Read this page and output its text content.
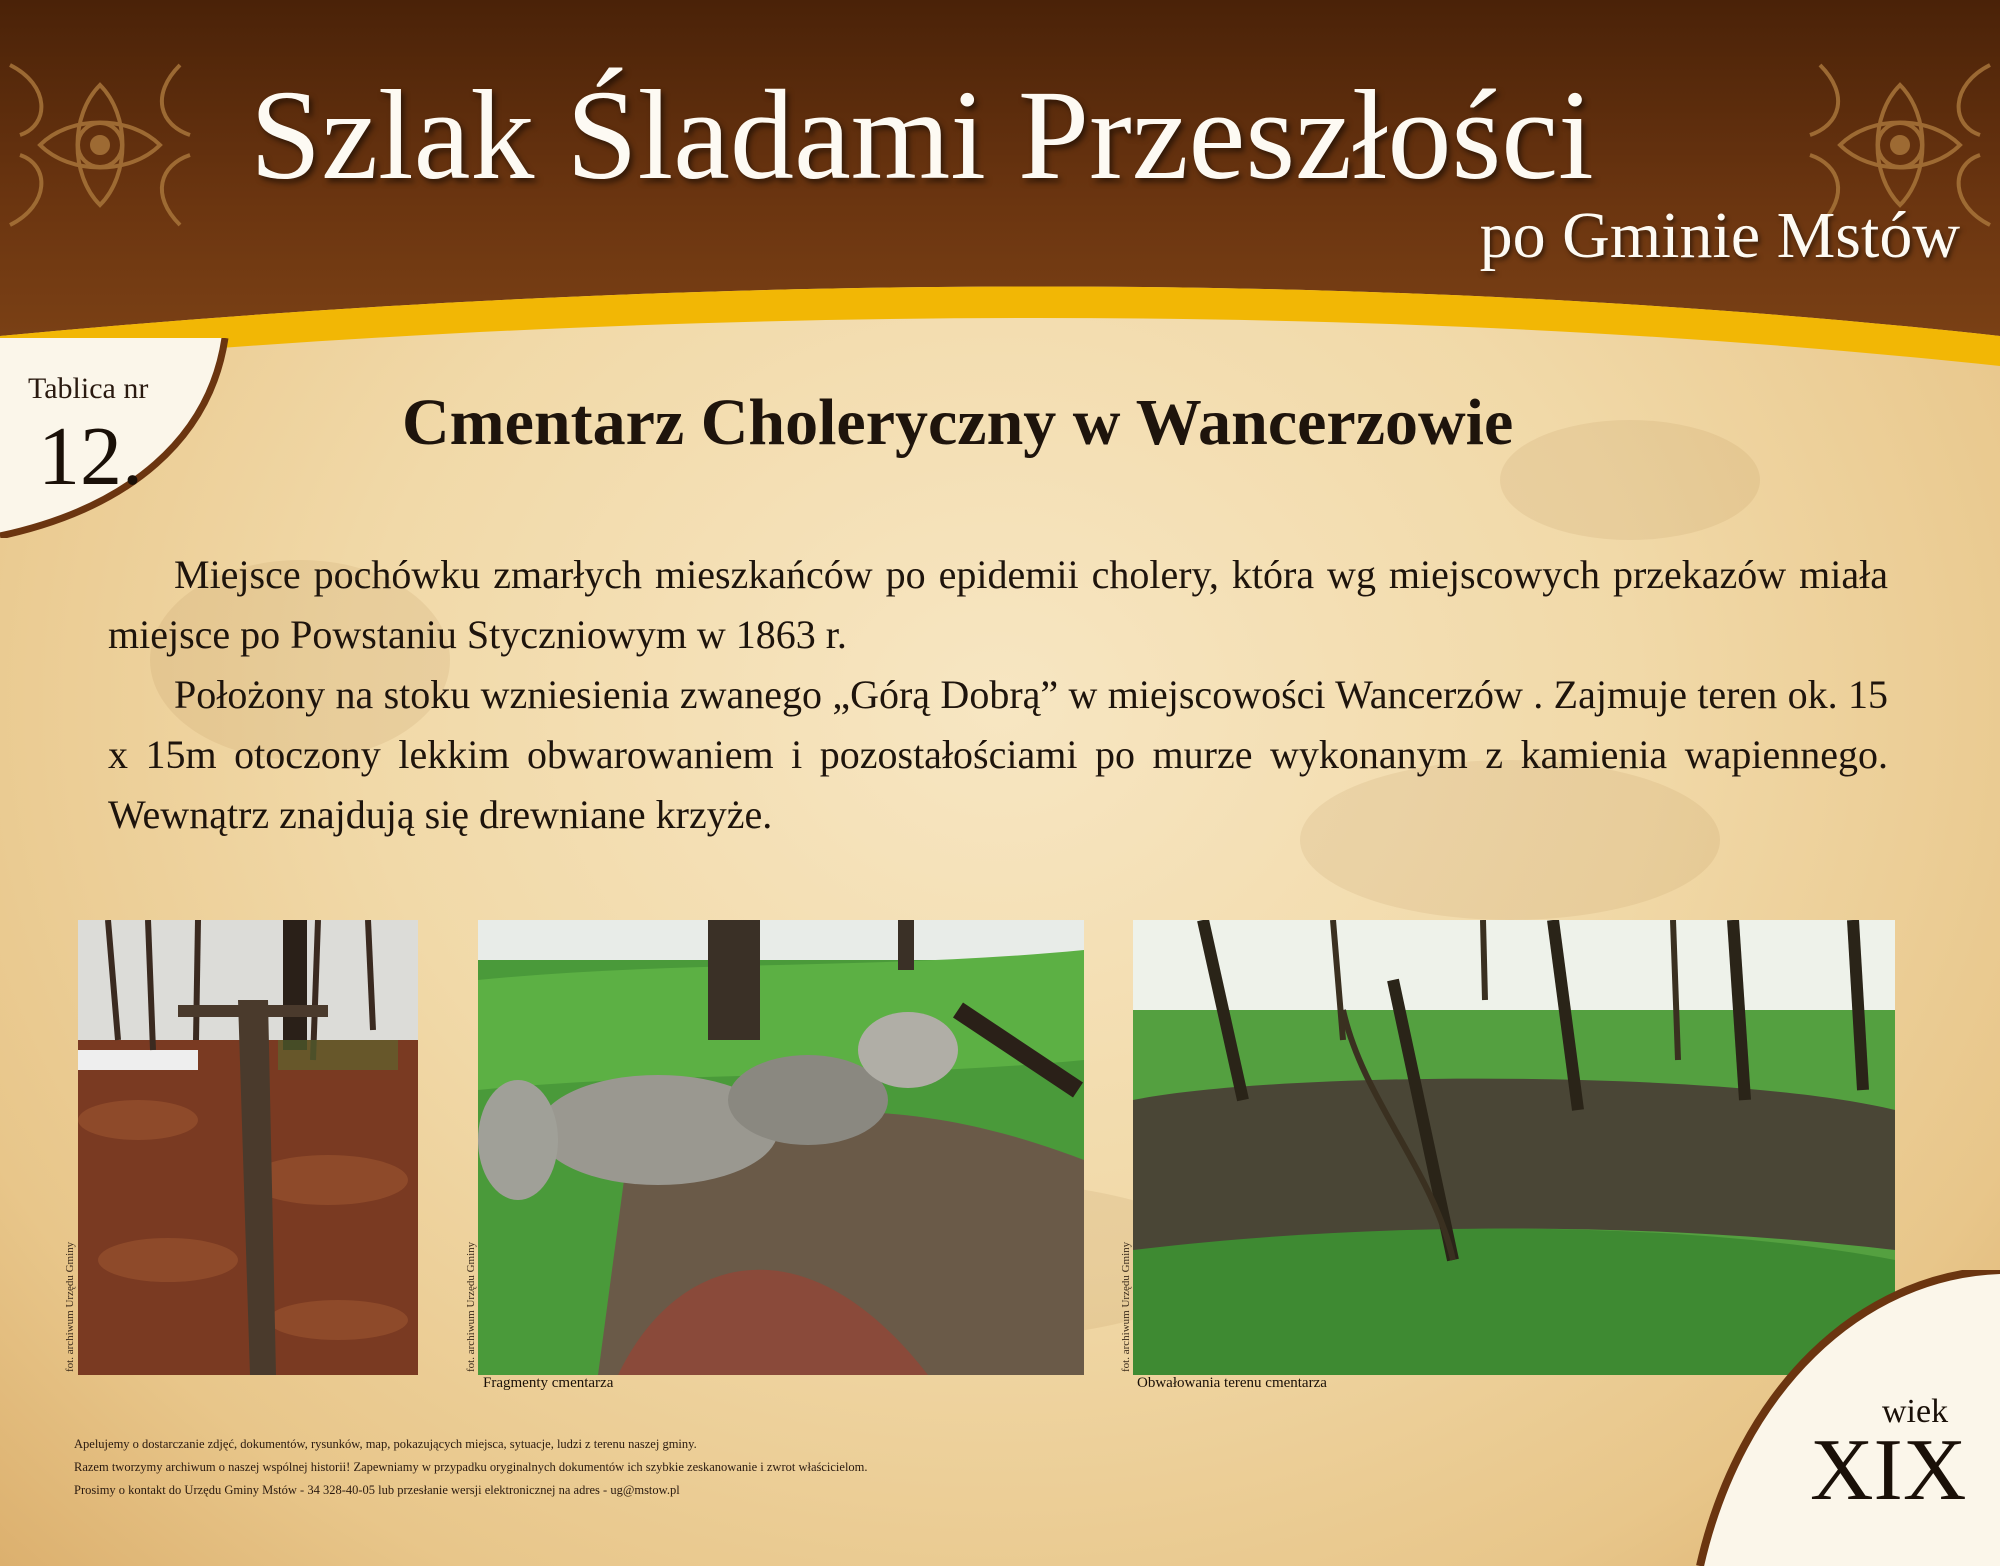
Szlak Śladami Przeszłości
po Gminie Mstów
Tablica nr
12.	Cmentarz Choleryczny w Wancerzowie

Miejsce pochówku zmarłych mieszkańców po epidemii cholery, która wg miejscowych przekazów miała miejsce po Powstaniu Styczniowym w 1863 r.

Położony na stoku wzniesienia zwanego „Górą Dobrą” w miejscowości Wancerzów . Zajmuje teren ok. 15 x 15m otoczony lekkim obwarowaniem i pozostałościami po murze wykonanym z kamienia wapiennego. Wewnątrz znajdują się drewniane krzyże.

fot. archiwum Urzędu Gminy	fot. archiwum Urzędu Gminy
Fragmenty cmentarza
fot. archiwum Urzędu Gminy
Obwałowania terenu cmentarza
Apelujemy o dostarczanie zdjęć, dokumentów, rysunków, map, pokazujących miejsca, sytuacje, ludzi z terenu naszej gminy.
Razem tworzymy archiwum o naszej wspólnej historii! Zapewniamy w przypadku oryginalnych dokumentów ich szybkie zeskanowanie i zwrot właścicielom.
Prosimy o kontakt do Urzędu Gminy Mstów - 34 328-40-05 lub przesłanie wersji elektronicznej na adres - ug@mstow.pl
wiek
XIX
